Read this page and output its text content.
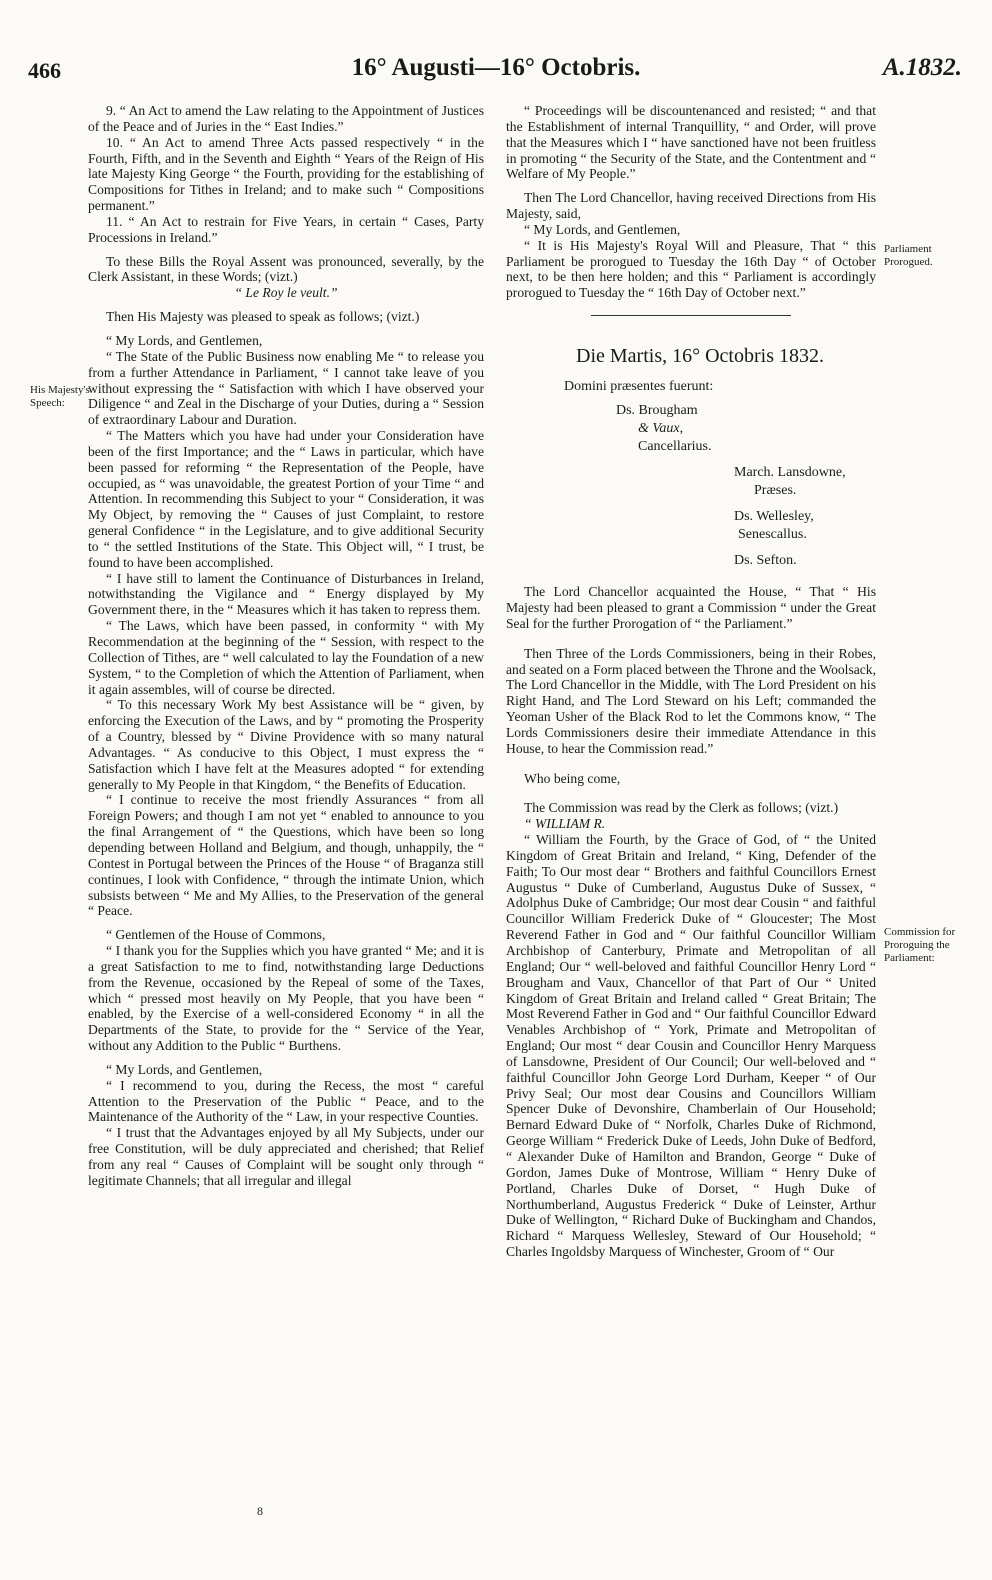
466	16° Augusti—16° Octobris.	A.1832.
His Majesty's Speech:
Parliament Prorogued.
Commission for Proroguing the Parliament:

9. “ An Act to amend the Law relating to the Appointment of Justices of the Peace and of Juries in the “ East Indies.”

10. “ An Act to amend Three Acts passed respectively “ in the Fourth, Fifth, and in the Seventh and Eighth “ Years of the Reign of His late Majesty King George “ the Fourth, providing for the establishing of Compositions for Tithes in Ireland; and to make such “ Compositions permanent.”

11. “ An Act to restrain for Five Years, in certain “ Cases, Party Processions in Ireland.”

To these Bills the Royal Assent was pronounced, severally, by the Clerk Assistant, in these Words; (vizt.)

“ Le Roy le veult.”

Then His Majesty was pleased to speak as follows; (vizt.)

“ My Lords, and Gentlemen,

“ The State of the Public Business now enabling Me “ to release you from a further Attendance in Parliament, “ I cannot take leave of you without expressing the “ Satisfaction with which I have observed your Diligence “ and Zeal in the Discharge of your Duties, during a “ Session of extraordinary Labour and Duration.

“ The Matters which you have had under your Consideration have been of the first Importance; and the “ Laws in particular, which have been passed for reforming “ the Representation of the People, have occupied, as “ was unavoidable, the greatest Portion of your Time “ and Attention. In recommending this Subject to your “ Consideration, it was My Object, by removing the “ Causes of just Complaint, to restore general Confidence “ in the Legislature, and to give additional Security to “ the settled Institutions of the State. This Object will, “ I trust, be found to have been accomplished.

“ I have still to lament the Continuance of Disturbances in Ireland, notwithstanding the Vigilance and “ Energy displayed by My Government there, in the “ Measures which it has taken to repress them.

“ The Laws, which have been passed, in conformity “ with My Recommendation at the beginning of the “ Session, with respect to the Collection of Tithes, are “ well calculated to lay the Foundation of a new System, “ to the Completion of which the Attention of Parliament, when it again assembles, will of course be directed.

“ To this necessary Work My best Assistance will be “ given, by enforcing the Execution of the Laws, and by “ promoting the Prosperity of a Country, blessed by “ Divine Providence with so many natural Advantages. “ As conducive to this Object, I must express the “ Satisfaction which I have felt at the Measures adopted “ for extending generally to My People in that Kingdom, “ the Benefits of Education.

“ I continue to receive the most friendly Assurances “ from all Foreign Powers; and though I am not yet “ enabled to announce to you the final Arrangement of “ the Questions, which have been so long depending between Holland and Belgium, and though, unhappily, the “ Contest in Portugal between the Princes of the House “ of Braganza still continues, I look with Confidence, “ through the intimate Union, which subsists between “ Me and My Allies, to the Preservation of the general “ Peace.

“ Gentlemen of the House of Commons,

“ I thank you for the Supplies which you have granted “ Me; and it is a great Satisfaction to me to find, notwithstanding large Deductions from the Revenue, occasioned by the Repeal of some of the Taxes, which “ pressed most heavily on My People, that you have been “ enabled, by the Exercise of a well-considered Economy “ in all the Departments of the State, to provide for the “ Service of the Year, without any Addition to the Public “ Burthens.

“ My Lords, and Gentlemen,

“ I recommend to you, during the Recess, the most “ careful Attention to the Preservation of the Public “ Peace, and to the Maintenance of the Authority of the “ Law, in your respective Counties.

“ I trust that the Advantages enjoyed by all My Subjects, under our free Constitution, will be duly appreciated and cherished; that Relief from any real “ Causes of Complaint will be sought only through “ legitimate Channels; that all irregular and illegal

8

“ Proceedings will be discountenanced and resisted; “ and that the Establishment of internal Tranquillity, “ and Order, will prove that the Measures which I “ have sanctioned have not been fruitless in promoting “ the Security of the State, and the Contentment and “ Welfare of My People.”

Then The Lord Chancellor, having received Directions from His Majesty, said,

“ My Lords, and Gentlemen,

“ It is His Majesty's Royal Will and Pleasure, That “ this Parliament be prorogued to Tuesday the 16th Day “ of October next, to be then here holden; and this “ Parliament is accordingly prorogued to Tuesday the “ 16th Day of October next.”

Die Martis, 16° Octobris 1832.

Domini præsentes fuerunt:
Ds. Brougham
& Vaux,
Cancellarius.
March. Lansdowne,
Præses.
Ds. Wellesley,
Senescallus.
Ds. Sefton.

The Lord Chancellor acquainted the House, “ That “ His Majesty had been pleased to grant a Commission “ under the Great Seal for the further Prorogation of “ the Parliament.”

Then Three of the Lords Commissioners, being in their Robes, and seated on a Form placed between the Throne and the Woolsack, The Lord Chancellor in the Middle, with The Lord President on his Right Hand, and The Lord Steward on his Left; commanded the Yeoman Usher of the Black Rod to let the Commons know, “ The Lords Commissioners desire their immediate Attendance in this House, to hear the Commission read.”

Who being come,

The Commission was read by the Clerk as follows; (vizt.)

“ WILLIAM R.

“ William the Fourth, by the Grace of God, of “ the United Kingdom of Great Britain and Ireland, “ King, Defender of the Faith; To Our most dear “ Brothers and faithful Councillors Ernest Augustus “ Duke of Cumberland, Augustus Duke of Sussex, “ Adolphus Duke of Cambridge; Our most dear Cousin “ and faithful Councillor William Frederick Duke of “ Gloucester; The Most Reverend Father in God and “ Our faithful Councillor William Archbishop of Canterbury, Primate and Metropolitan of all England; Our “ well-beloved and faithful Councillor Henry Lord “ Brougham and Vaux, Chancellor of that Part of Our “ United Kingdom of Great Britain and Ireland called “ Great Britain; The Most Reverend Father in God and “ Our faithful Councillor Edward Venables Archbishop of “ York, Primate and Metropolitan of England; Our most “ dear Cousin and Councillor Henry Marquess of Lansdowne, President of Our Council; Our well-beloved and “ faithful Councillor John George Lord Durham, Keeper “ of Our Privy Seal; Our most dear Cousins and Councillors William Spencer Duke of Devonshire, Chamberlain of Our Household; Bernard Edward Duke of “ Norfolk, Charles Duke of Richmond, George William “ Frederick Duke of Leeds, John Duke of Bedford, “ Alexander Duke of Hamilton and Brandon, George “ Duke of Gordon, James Duke of Montrose, William “ Henry Duke of Portland, Charles Duke of Dorset, “ Hugh Duke of Northumberland, Augustus Frederick “ Duke of Leinster, Arthur Duke of Wellington, “ Richard Duke of Buckingham and Chandos, Richard “ Marquess Wellesley, Steward of Our Household; “ Charles Ingoldsby Marquess of Winchester, Groom of “ Our
